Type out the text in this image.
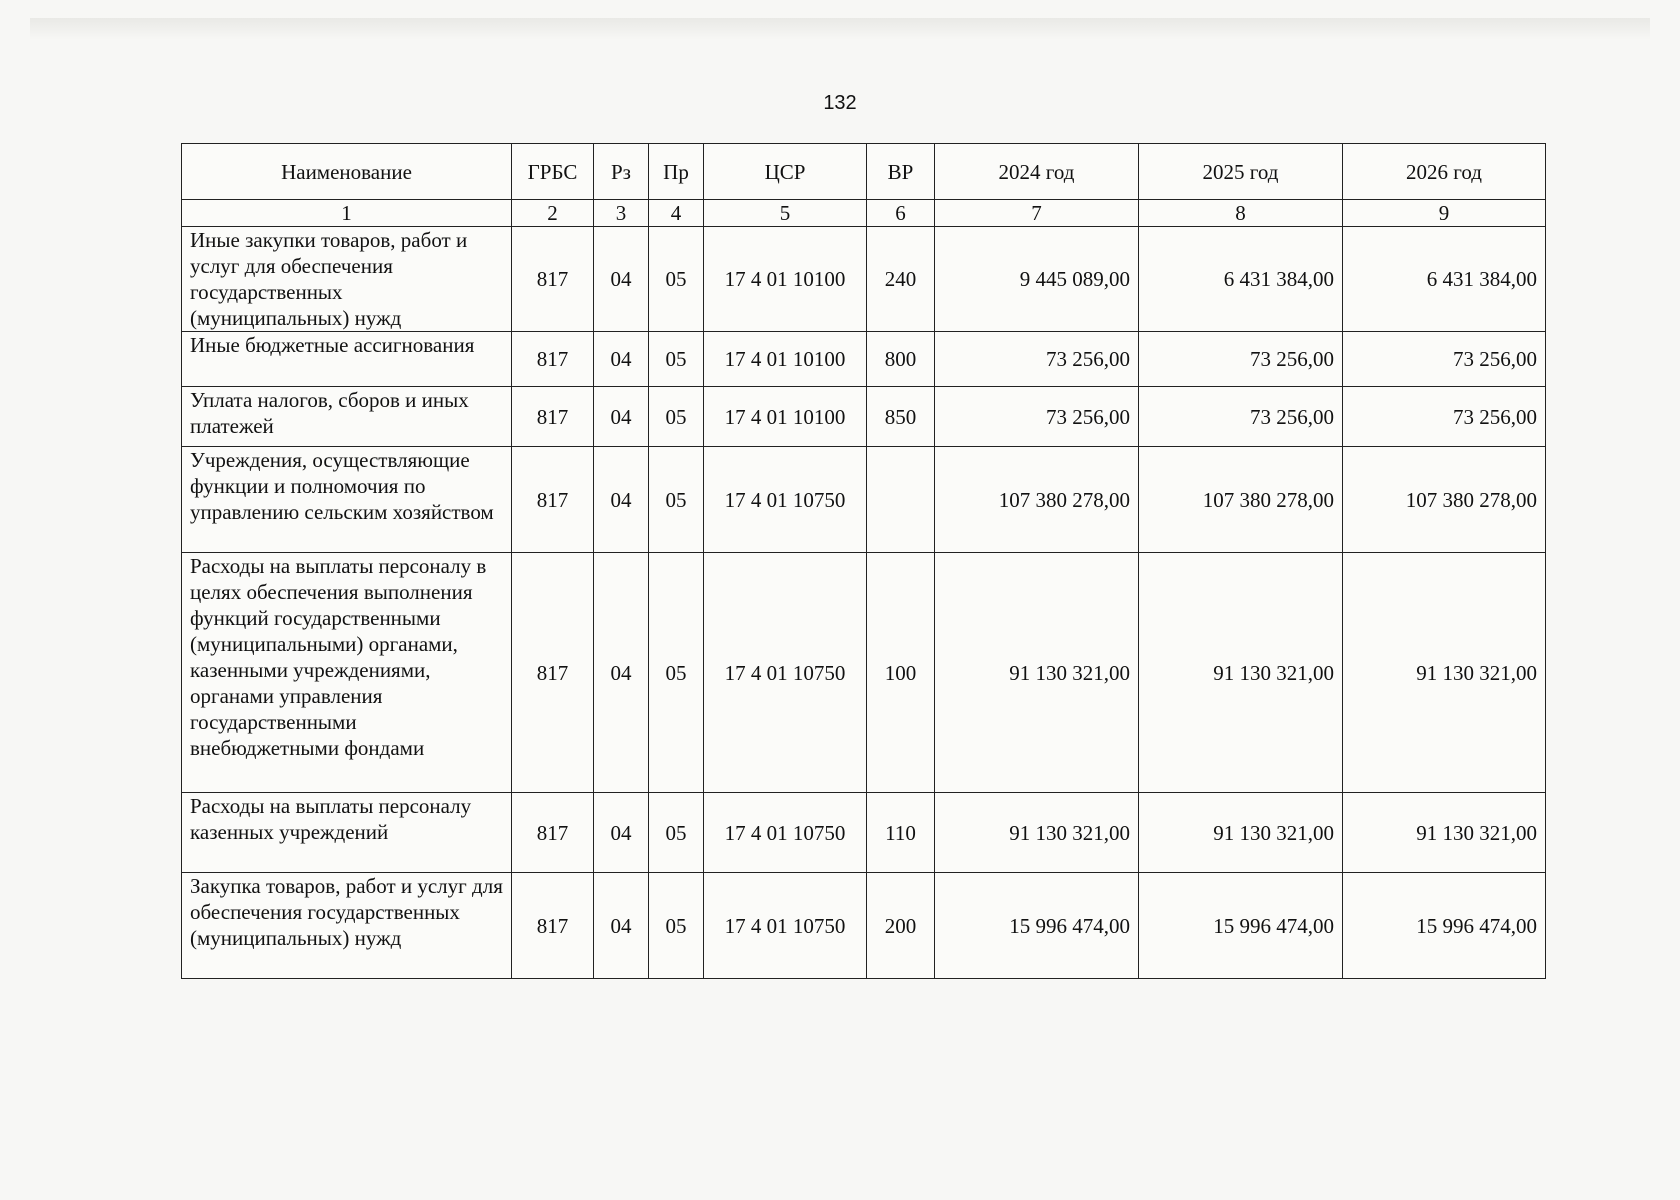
132
Наименование	ГРБС	Рз	Пр	ЦСР	ВР	2024 год	2025 год	2026 год
1	2	3	4	5	6	7	8	9
Иные закупки товаров, работ и услуг для обеспечения государственных (муниципальных) нужд	817	04	05	17 4 01 10100	240	9 445 089,00	6 431 384,00	6 431 384,00
Иные бюджетные ассигнования	817	04	05	17 4 01 10100	800	73 256,00	73 256,00	73 256,00
Уплата налогов, сборов и иных платежей	817	04	05	17 4 01 10100	850	73 256,00	73 256,00	73 256,00
Учреждения, осуществляющие функции и полномочия по управлению сельским хозяйством	817	04	05	17 4 01 10750		107 380 278,00	107 380 278,00	107 380 278,00
Расходы на выплаты персоналу в целях обеспечения выполнения функций государственными (муниципальными) органами, казенными учреждениями, органами управления государственными внебюджетными фондами	817	04	05	17 4 01 10750	100	91 130 321,00	91 130 321,00	91 130 321,00
Расходы на выплаты персоналу казенных учреждений	817	04	05	17 4 01 10750	110	91 130 321,00	91 130 321,00	91 130 321,00
Закупка товаров, работ и услуг для обеспечения государственных (муниципальных) нужд	817	04	05	17 4 01 10750	200	15 996 474,00	15 996 474,00	15 996 474,00
